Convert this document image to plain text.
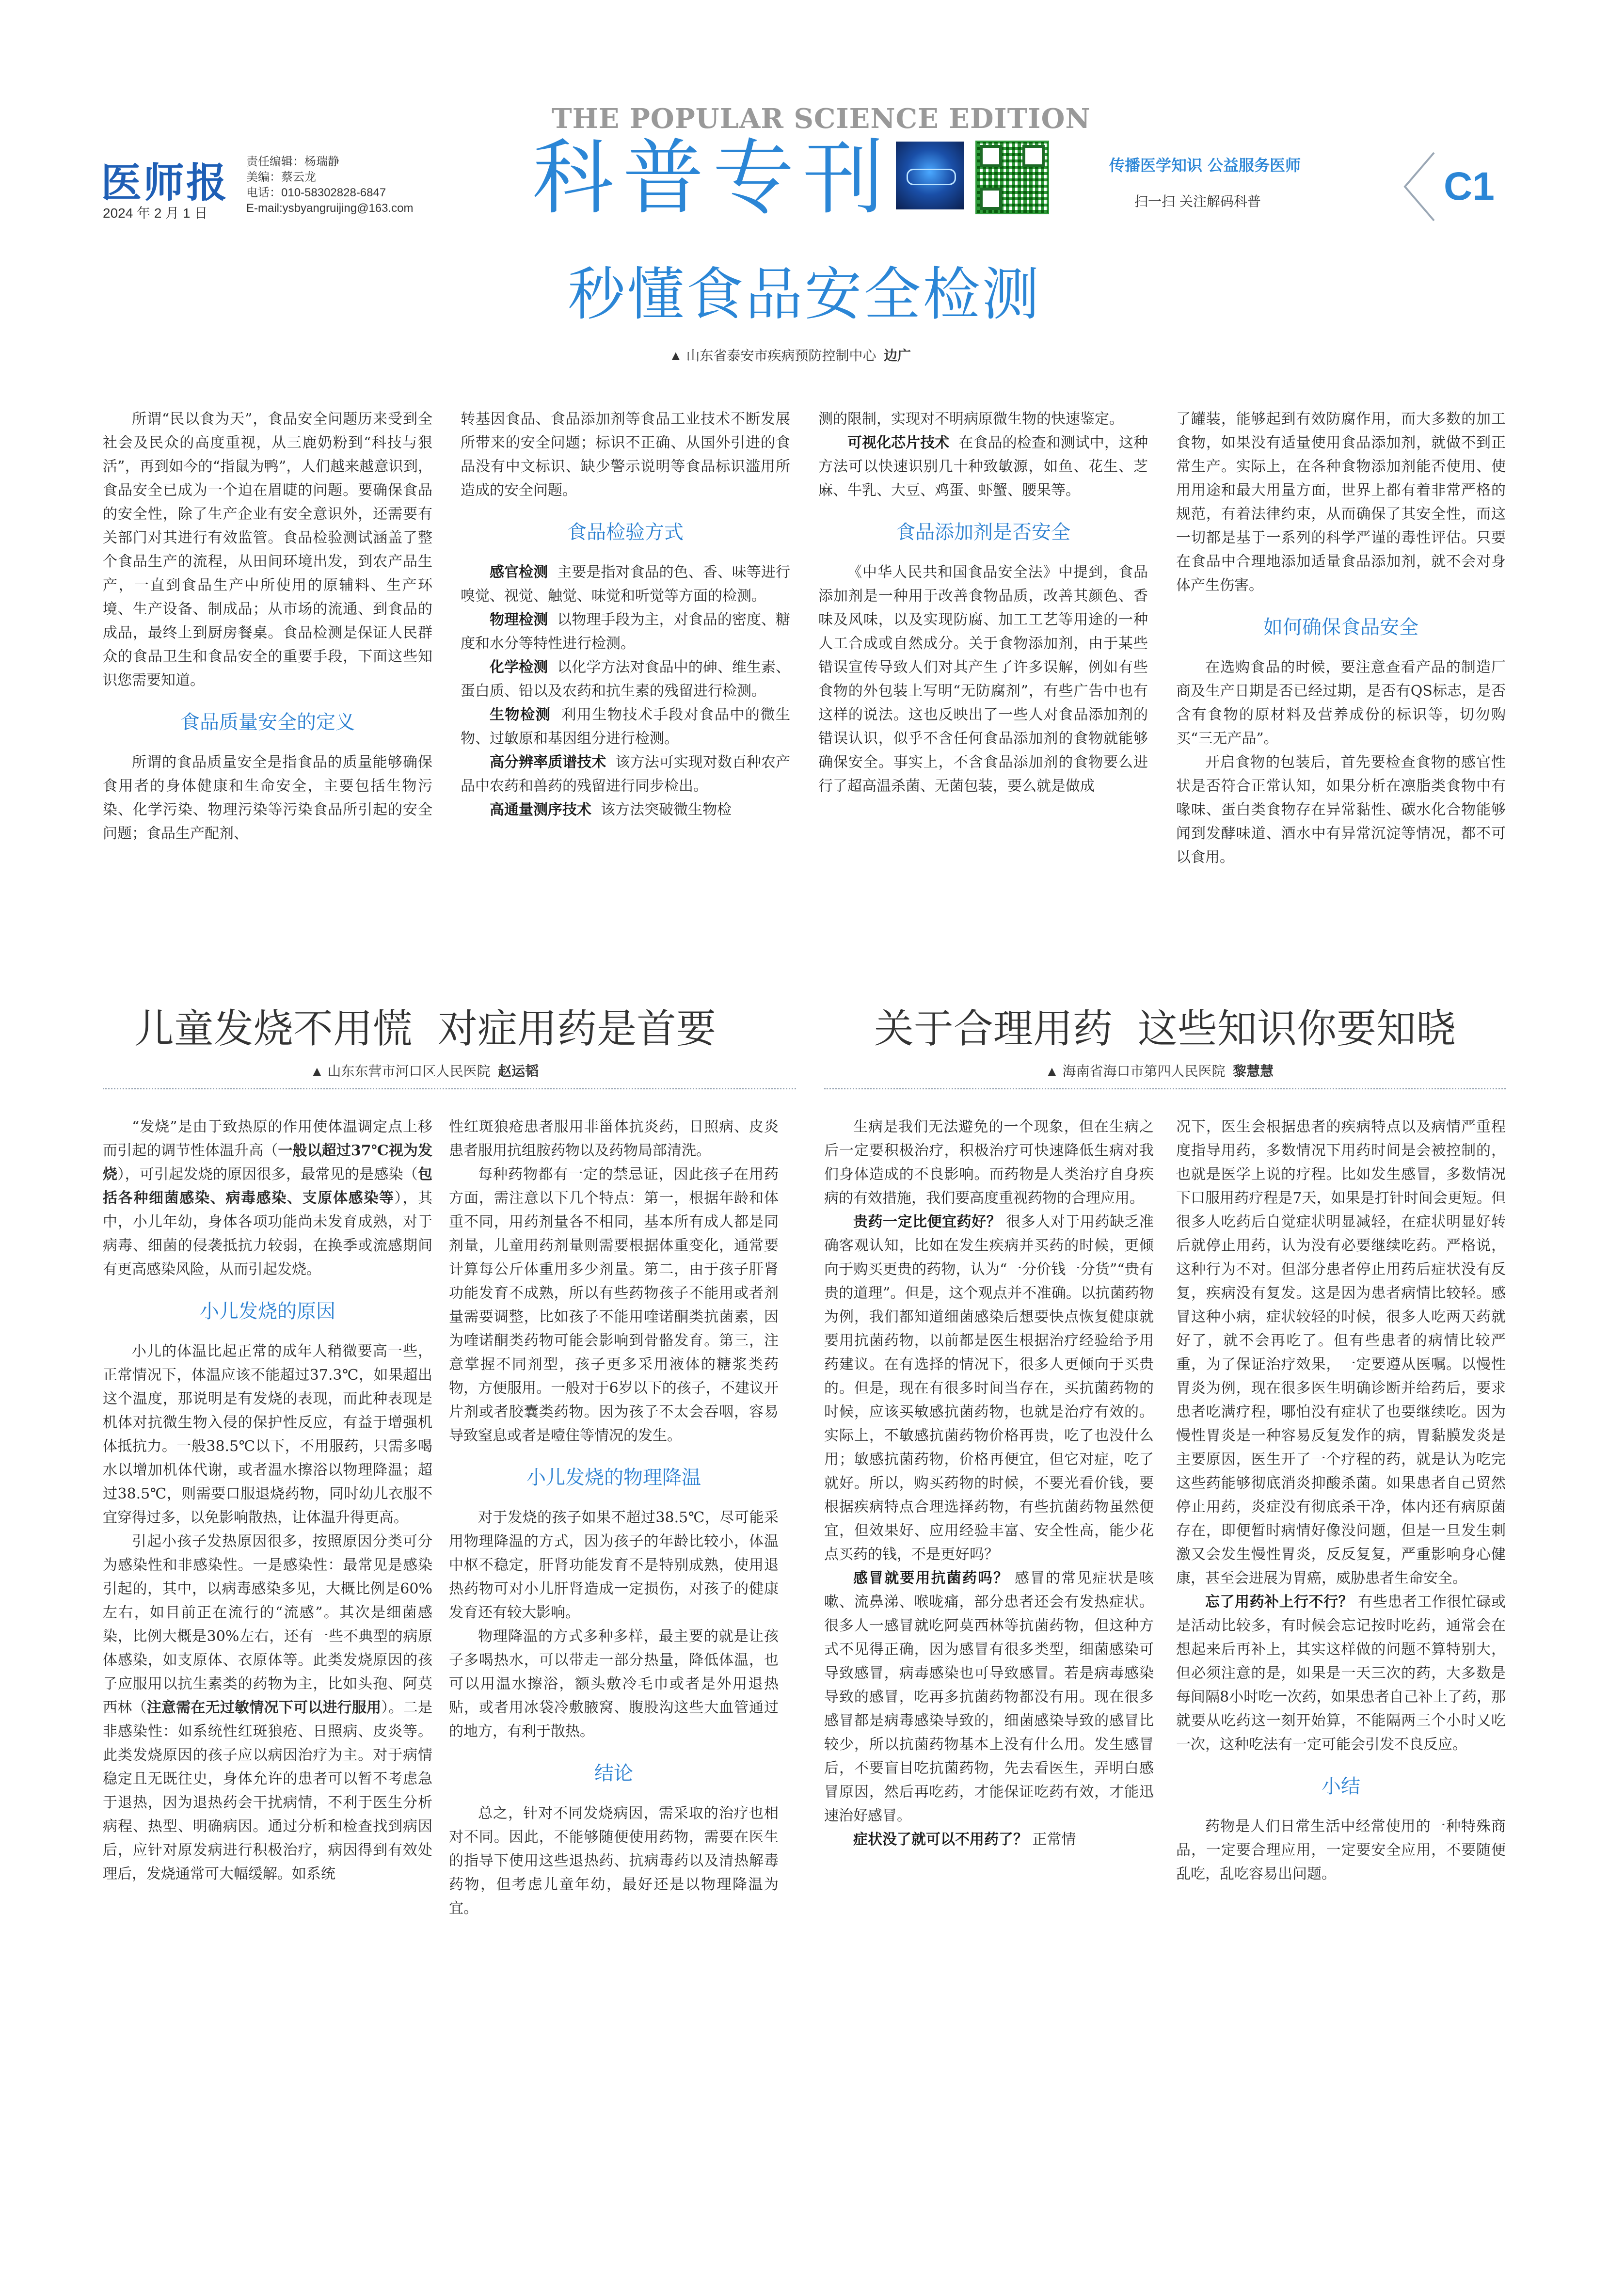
医师报
2024 年 2 月 1 日
责任编辑：杨瑞静
美编：蔡云龙
电话：010-58302828-6847
E-mail:ysbyangruijing@163.com
THE POPULAR SCIENCE EDITION
科普专刊	传播医学知识 公益服务医师
扫一扫 关注解码科普	C1
秒懂食品安全检测
▲ 山东省泰安市疾病预防控制中心 边广

所谓“民以食为天”，食品安全问题历来受到全社会及民众的高度重视，从三鹿奶粉到“科技与狠活”，再到如今的“指鼠为鸭”，人们越来越意识到，食品安全已成为一个迫在眉睫的问题。要确保食品的安全性，除了生产企业有安全意识外，还需要有关部门对其进行有效监管。食品检验测试涵盖了整个食品生产的流程，从田间环境出发，到农产品生产，一直到食品生产中所使用的原辅料、生产环境、生产设备、制成品；从市场的流通、到食品的成品，最终上到厨房餐桌。食品检测是保证人民群众的食品卫生和食品安全的重要手段，下面这些知识您需要知道。

食品质量安全的定义

所谓的食品质量安全是指食品的质量能够确保食用者的身体健康和生命安全，主要包括生物污染、化学污染、物理污染等污染食品所引起的安全问题；食品生产配剂、

转基因食品、食品添加剂等食品工业技术不断发展所带来的安全问题；标识不正确、从国外引进的食品没有中文标识、缺少警示说明等食品标识滥用所造成的安全问题。

食品检验方式

感官检测 主要是指对食品的色、香、味等进行嗅觉、视觉、触觉、味觉和听觉等方面的检测。

物理检测 以物理手段为主，对食品的密度、糖度和水分等特性进行检测。

化学检测 以化学方法对食品中的砷、维生素、蛋白质、铅以及农药和抗生素的残留进行检测。

生物检测 利用生物技术手段对食品中的微生物、过敏原和基因组分进行检测。

高分辨率质谱技术 该方法可实现对数百种农产品中农药和兽药的残留进行同步检出。

高通量测序技术 该方法突破微生物检

测的限制，实现对不明病原微生物的快速鉴定。

可视化芯片技术 在食品的检查和测试中，这种方法可以快速识别几十种致敏源，如鱼、花生、芝麻、牛乳、大豆、鸡蛋、虾蟹、腰果等。

食品添加剂是否安全

《中华人民共和国食品安全法》中提到，食品添加剂是一种用于改善食物品质，改善其颜色、香味及风味，以及实现防腐、加工工艺等用途的一种人工合成或自然成分。关于食物添加剂，由于某些错误宣传导致人们对其产生了许多误解，例如有些食物的外包装上写明“无防腐剂”，有些广告中也有这样的说法。这也反映出了一些人对食品添加剂的错误认识，似乎不含任何食品添加剂的食物就能够确保安全。事实上，不含食品添加剂的食物要么进行了超高温杀菌、无菌包装，要么就是做成

了罐装，能够起到有效防腐作用，而大多数的加工食物，如果没有适量使用食品添加剂，就做不到正常生产。实际上，在各种食物添加剂能否使用、使用用途和最大用量方面，世界上都有着非常严格的规范，有着法律约束，从而确保了其安全性，而这一切都是基于一系列的科学严谨的毒性评估。只要在食品中合理地添加适量食品添加剂，就不会对身体产生伤害。

如何确保食品安全

在选购食品的时候，要注意查看产品的制造厂商及生产日期是否已经过期，是否有QS标志，是否含有食物的原材料及营养成份的标识等，切勿购买“三无产品”。

开启食物的包装后，首先要检查食物的感官性状是否符合正常认知，如果分析在凛脂类食物中有喙味、蛋白类食物存在异常黏性、碳水化合物能够闻到发酵味道、酒水中有异常沉淀等情况，都不可以食用。

儿童发烧不用慌  对症用药是首要
▲ 山东东营市河口区人民医院 赵运韬

“发烧”是由于致热原的作用使体温调定点上移而引起的调节性体温升高（一般以超过37℃视为发烧），可引起发烧的原因很多，最常见的是感染（包括各种细菌感染、病毒感染、支原体感染等），其中，小儿年幼，身体各项功能尚未发育成熟，对于病毒、细菌的侵袭抵抗力较弱，在换季或流感期间有更高感染风险，从而引起发烧。

小儿发烧的原因

小儿的体温比起正常的成年人稍微要高一些，正常情况下，体温应该不能超过37.3℃，如果超出这个温度，那说明是有发烧的表现，而此种表现是机体对抗微生物入侵的保护性反应，有益于增强机体抵抗力。一般38.5℃以下，不用服药，只需多喝水以增加机体代谢，或者温水擦浴以物理降温；超过38.5℃，则需要口服退烧药物，同时幼儿衣服不宜穿得过多，以免影响散热，让体温升得更高。

引起小孩子发热原因很多，按照原因分类可分为感染性和非感染性。一是感染性：最常见是感染引起的，其中，以病毒感染多见，大概比例是60%左右，如目前正在流行的“流感”。其次是细菌感染，比例大概是30%左右，还有一些不典型的病原体感染，如支原体、衣原体等。此类发烧原因的孩子应服用以抗生素类的药物为主，比如头孢、阿莫西林（注意需在无过敏情况下可以进行服用）。二是非感染性：如系统性红斑狼疮、日照病、皮炎等。此类发烧原因的孩子应以病因治疗为主。对于病情稳定且无既往史，身体允许的患者可以暂不考虑急于退热，因为退热药会干扰病情，不利于医生分析病程、热型、明确病因。通过分析和检查找到病因后，应针对原发病进行积极治疗，病因得到有效处理后，发烧通常可大幅缓解。如系统

性红斑狼疮患者服用非甾体抗炎药，日照病、皮炎患者服用抗组胺药物以及药物局部清洗。

每种药物都有一定的禁忌证，因此孩子在用药方面，需注意以下几个特点：第一，根据年龄和体重不同，用药剂量各不相同，基本所有成人都是同剂量，儿童用药剂量则需要根据体重变化，通常要计算每公斤体重用多少剂量。第二，由于孩子肝肾功能发育不成熟，所以有些药物孩子不能用或者剂量需要调整，比如孩子不能用喹诺酮类抗菌素，因为喹诺酮类药物可能会影响到骨骼发育。第三，注意掌握不同剂型，孩子更多采用液体的糖浆类药物，方便服用。一般对于6岁以下的孩子，不建议开片剂或者胶囊类药物。因为孩子不太会吞咽，容易导致窒息或者是噎住等情况的发生。

小儿发烧的物理降温

对于发烧的孩子如果不超过38.5℃，尽可能采用物理降温的方式，因为孩子的年龄比较小，体温中枢不稳定，肝肾功能发育不是特别成熟，使用退热药物可对小儿肝肾造成一定损伤，对孩子的健康发育还有较大影响。

物理降温的方式多种多样，最主要的就是让孩子多喝热水，可以带走一部分热量，降低体温，也可以用温水擦浴，额头敷冷毛巾或者是外用退热贴，或者用冰袋冷敷腋窝、腹股沟这些大血管通过的地方，有利于散热。

结论

总之，针对不同发烧病因，需采取的治疗也相对不同。因此，不能够随便使用药物，需要在医生的指导下使用这些退热药、抗病毒药以及清热解毒药物，但考虑儿童年幼，最好还是以物理降温为宜。

关于合理用药  这些知识你要知晓
▲ 海南省海口市第四人民医院 黎慧慧

生病是我们无法避免的一个现象，但在生病之后一定要积极治疗，积极治疗可快速降低生病对我们身体造成的不良影响。而药物是人类治疗自身疾病的有效措施，我们要高度重视药物的合理应用。

贵药一定比便宜药好？ 很多人对于用药缺乏准确客观认知，比如在发生疾病并买药的时候，更倾向于购买更贵的药物，认为“一分价钱一分货”“贵有贵的道理”。但是，这个观点并不准确。以抗菌药物为例，我们都知道细菌感染后想要快点恢复健康就要用抗菌药物，以前都是医生根据治疗经验给予用药建议。在有选择的情况下，很多人更倾向于买贵的。但是，现在有很多时间当存在，买抗菌药物的时候，应该买敏感抗菌药物，也就是治疗有效的。实际上，不敏感抗菌药物价格再贵，吃了也没什么用；敏感抗菌药物，价格再便宜，但它对症，吃了就好。所以，购买药物的时候，不要光看价钱，要根据疾病特点合理选择药物，有些抗菌药物虽然便宜，但效果好、应用经验丰富、安全性高，能少花点买药的钱，不是更好吗？

感冒就要用抗菌药吗？ 感冒的常见症状是咳嗽、流鼻涕、喉咙痛，部分患者还会有发热症状。很多人一感冒就吃阿莫西林等抗菌药物，但这种方式不见得正确，因为感冒有很多类型，细菌感染可导致感冒，病毒感染也可导致感冒。若是病毒感染导致的感冒，吃再多抗菌药物都没有用。现在很多感冒都是病毒感染导致的，细菌感染导致的感冒比较少，所以抗菌药物基本上没有什么用。发生感冒后，不要盲目吃抗菌药物，先去看医生，弄明白感冒原因，然后再吃药，才能保证吃药有效，才能迅速治好感冒。

症状没了就可以不用药了？ 正常情

况下，医生会根据患者的疾病特点以及病情严重程度指导用药，多数情况下用药时间是会被控制的，也就是医学上说的疗程。比如发生感冒，多数情况下口服用药疗程是7天，如果是打针时间会更短。但很多人吃药后自觉症状明显减轻，在症状明显好转后就停止用药，认为没有必要继续吃药。严格说，这种行为不对。但部分患者停止用药后症状没有反复，疾病没有复发。这是因为患者病情比较轻。感冒这种小病，症状较轻的时候，很多人吃两天药就好了，就不会再吃了。但有些患者的病情比较严重，为了保证治疗效果，一定要遵从医嘱。以慢性胃炎为例，现在很多医生明确诊断并给药后，要求患者吃满疗程，哪怕没有症状了也要继续吃。因为慢性胃炎是一种容易反复发作的病，胃黏膜发炎是主要原因，医生开了一个疗程的药，就是认为吃完这些药能够彻底消炎抑酸杀菌。如果患者自己贸然停止用药，炎症没有彻底杀干净，体内还有病原菌存在，即便暂时病情好像没问题，但是一旦发生刺激又会发生慢性胃炎，反反复复，严重影响身心健康，甚至会进展为胃癌，威胁患者生命安全。

忘了用药补上行不行？ 有些患者工作很忙碌或是活动比较多，有时候会忘记按时吃药，通常会在想起来后再补上，其实这样做的问题不算特别大，但必须注意的是，如果是一天三次的药，大多数是每间隔8小时吃一次药，如果患者自己补上了药，那就要从吃药这一刻开始算，不能隔两三个小时又吃一次，这种吃法有一定可能会引发不良反应。

小结

药物是人们日常生活中经常使用的一种特殊商品，一定要合理应用，一定要安全应用，不要随便乱吃，乱吃容易出问题。
